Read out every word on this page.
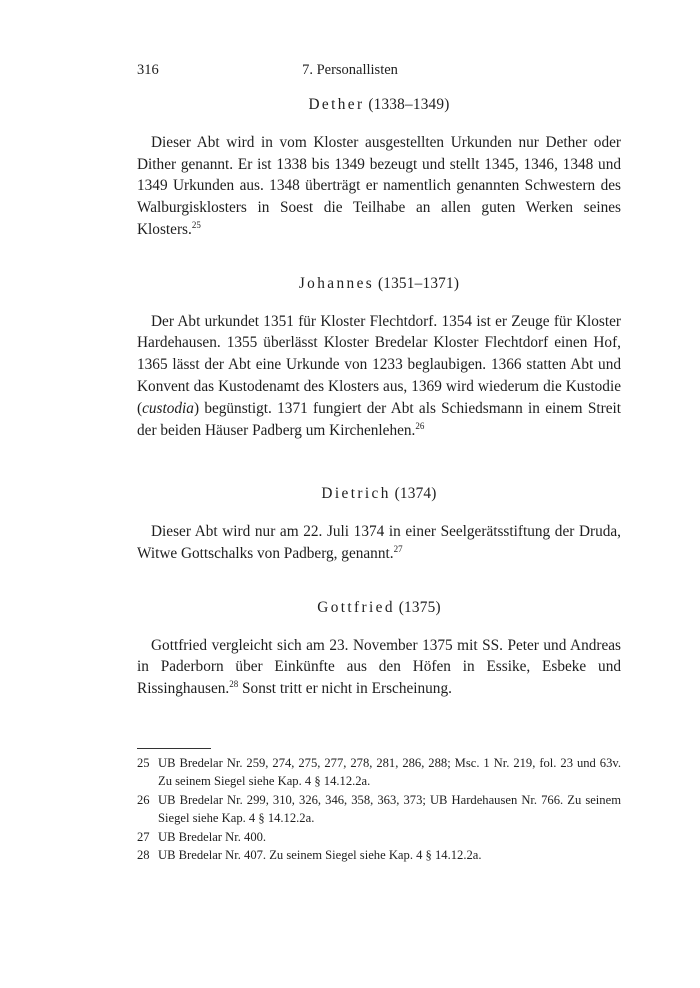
316	7. Personallisten
Dether (1338–1349)

Dieser Abt wird in vom Kloster ausgestellten Urkunden nur Dether oder Dither genannt. Er ist 1338 bis 1349 bezeugt und stellt 1345, 1346, 1348 und 1349 Urkunden aus. 1348 überträgt er namentlich genannten Schwestern des Walburgisklosters in Soest die Teilhabe an allen guten Werken seines Klosters.$^{25}$

Johannes (1351–1371)

Der Abt urkundet 1351 für Kloster Flechtdorf. 1354 ist er Zeuge für Kloster Hardehausen. 1355 überlässt Kloster Bredelar Kloster Flechtdorf einen Hof, 1365 lässt der Abt eine Urkunde von 1233 beglaubigen. 1366 statten Abt und Konvent das Kustodenamt des Klosters aus, 1369 wird wiederum die Kustodie (custodia) begünstigt. 1371 fungiert der Abt als Schiedsmann in einem Streit der beiden Häuser Padberg um Kirchenlehen.$^{26}$

Dietrich (1374)

Dieser Abt wird nur am 22. Juli 1374 in einer Seelgerätsstiftung der Druda, Witwe Gottschalks von Padberg, genannt.$^{27}$

Gottfried (1375)

Gottfried vergleicht sich am 23. November 1375 mit SS. Peter und Andreas in Paderborn über Einkünfte aus den Höfen in Essike, Esbeke und Rissinghausen.$^{28}$ Sonst tritt er nicht in Erscheinung.

25 UB Bredelar Nr. 259, 274, 275, 277, 278, 281, 286, 288; Msc. 1 Nr. 219, fol. 23 und 63v. Zu seinem Siegel siehe Kap. 4 § 14.12.2a.
26 UB Bredelar Nr. 299, 310, 326, 346, 358, 363, 373; UB Hardehausen Nr. 766. Zu seinem Siegel siehe Kap. 4 § 14.12.2a.
27 UB Bredelar Nr. 400.
28 UB Bredelar Nr. 407. Zu seinem Siegel siehe Kap. 4 § 14.12.2a.
